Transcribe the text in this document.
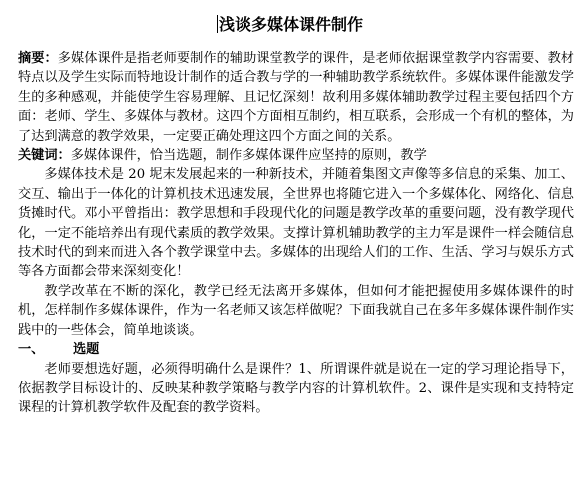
浅谈多媒体课件制作

摘要：多媒体课件是指老师要制作的辅助课堂教学的课件，是老师依据课堂教学内容需要、教材特点以及学生实际而特地设计制作的适合教与学的一种辅助教学系统软件。多媒体课件能激发学生的多种感观，并能使学生容易理解、且记忆深刻！故利用多媒体辅助教学过程主要包括四个方面：老师、学生、多媒体与教材。这四个方面相互制约，相互联系，会形成一个有机的整体，为了达到满意的教学效果，一定要正确处理这四个方面之间的关系。

关键词：多媒体课件，恰当选题，制作多媒体课件应坚持的原则，教学

多媒体技术是 20 坭末发展起来的一种新技术，并随着集图文声像等多信息的采集、加工、交互、输出于一体化的计算机技术迅速发展，全世界也将随它进入一个多媒体化、网络化、信息货摊时代。邓小平曾指出：教学思想和手段现代化的问题是教学改革的重要问题，没有教学现代化，一定不能培养出有现代素质的教学效果。支撑计算机辅助教学的主力军是课件一样会随信息技术时代的到来而进入各个教学课堂中去。多媒体的出现给人们的工作、生活、学习与娱乐方式等各方面都会带来深刻变化！

教学改革在不断的深化，教学已经无法离开多媒体，但如何才能把握使用多媒体课件的时机，怎样制作多媒体课件，作为一名老师又该怎样做呢？下面我就自己在多年多媒体课件制作实践中的一些体会，简单地谈谈。

一、 选题

老师要想选好题，必须得明确什么是课件？1、所谓课件就是说在一定的学习理论指导下，依据教学目标设计的、反映某种教学策略与教学内容的计算机软件。2、课件是实现和支持特定课程的计算机教学软件及配套的教学资料。
